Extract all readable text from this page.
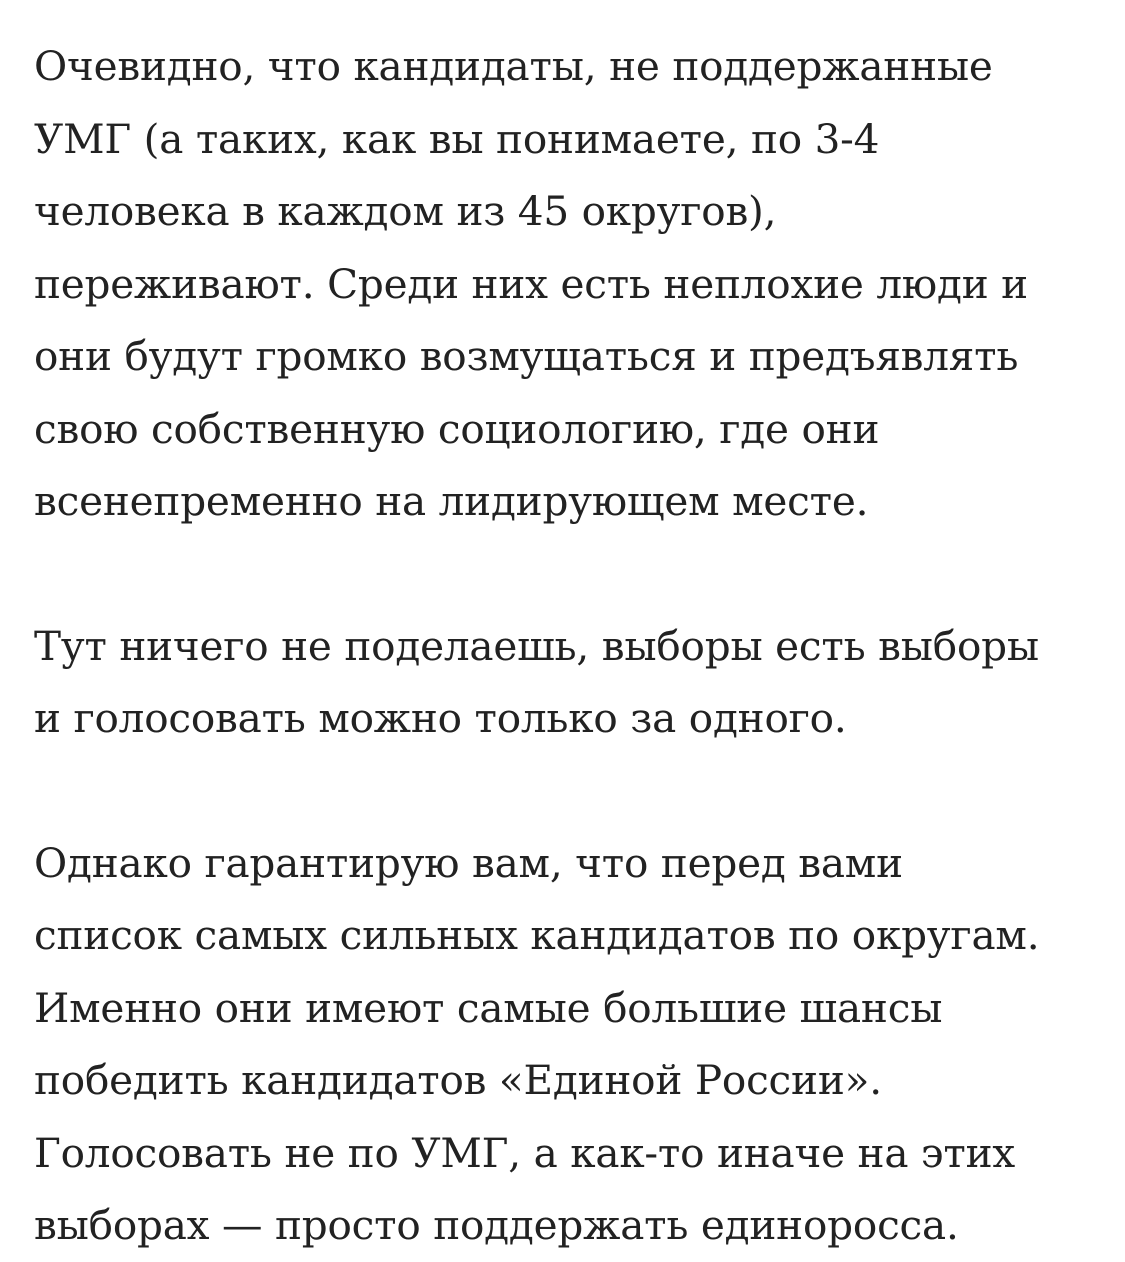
Очевидно, что кандидаты, не поддержанные
УМГ (а таких, как вы понимаете, по 3-4
человека в каждом из 45 округов),
переживают. Среди них есть неплохие люди и
они будут громко возмущаться и предъявлять
свою собственную социологию, где они
всенепременно на лидирующем месте.

Тут ничего не поделаешь, выборы есть выборы
и голосовать можно только за одного.

Однако гарантирую вам, что перед вами
список самых сильных кандидатов по округам.
Именно они имеют самые большие шансы
победить кандидатов «Единой России».
Голосовать не по УМГ, а как-то иначе на этих
выборах — просто поддержать единоросса.
